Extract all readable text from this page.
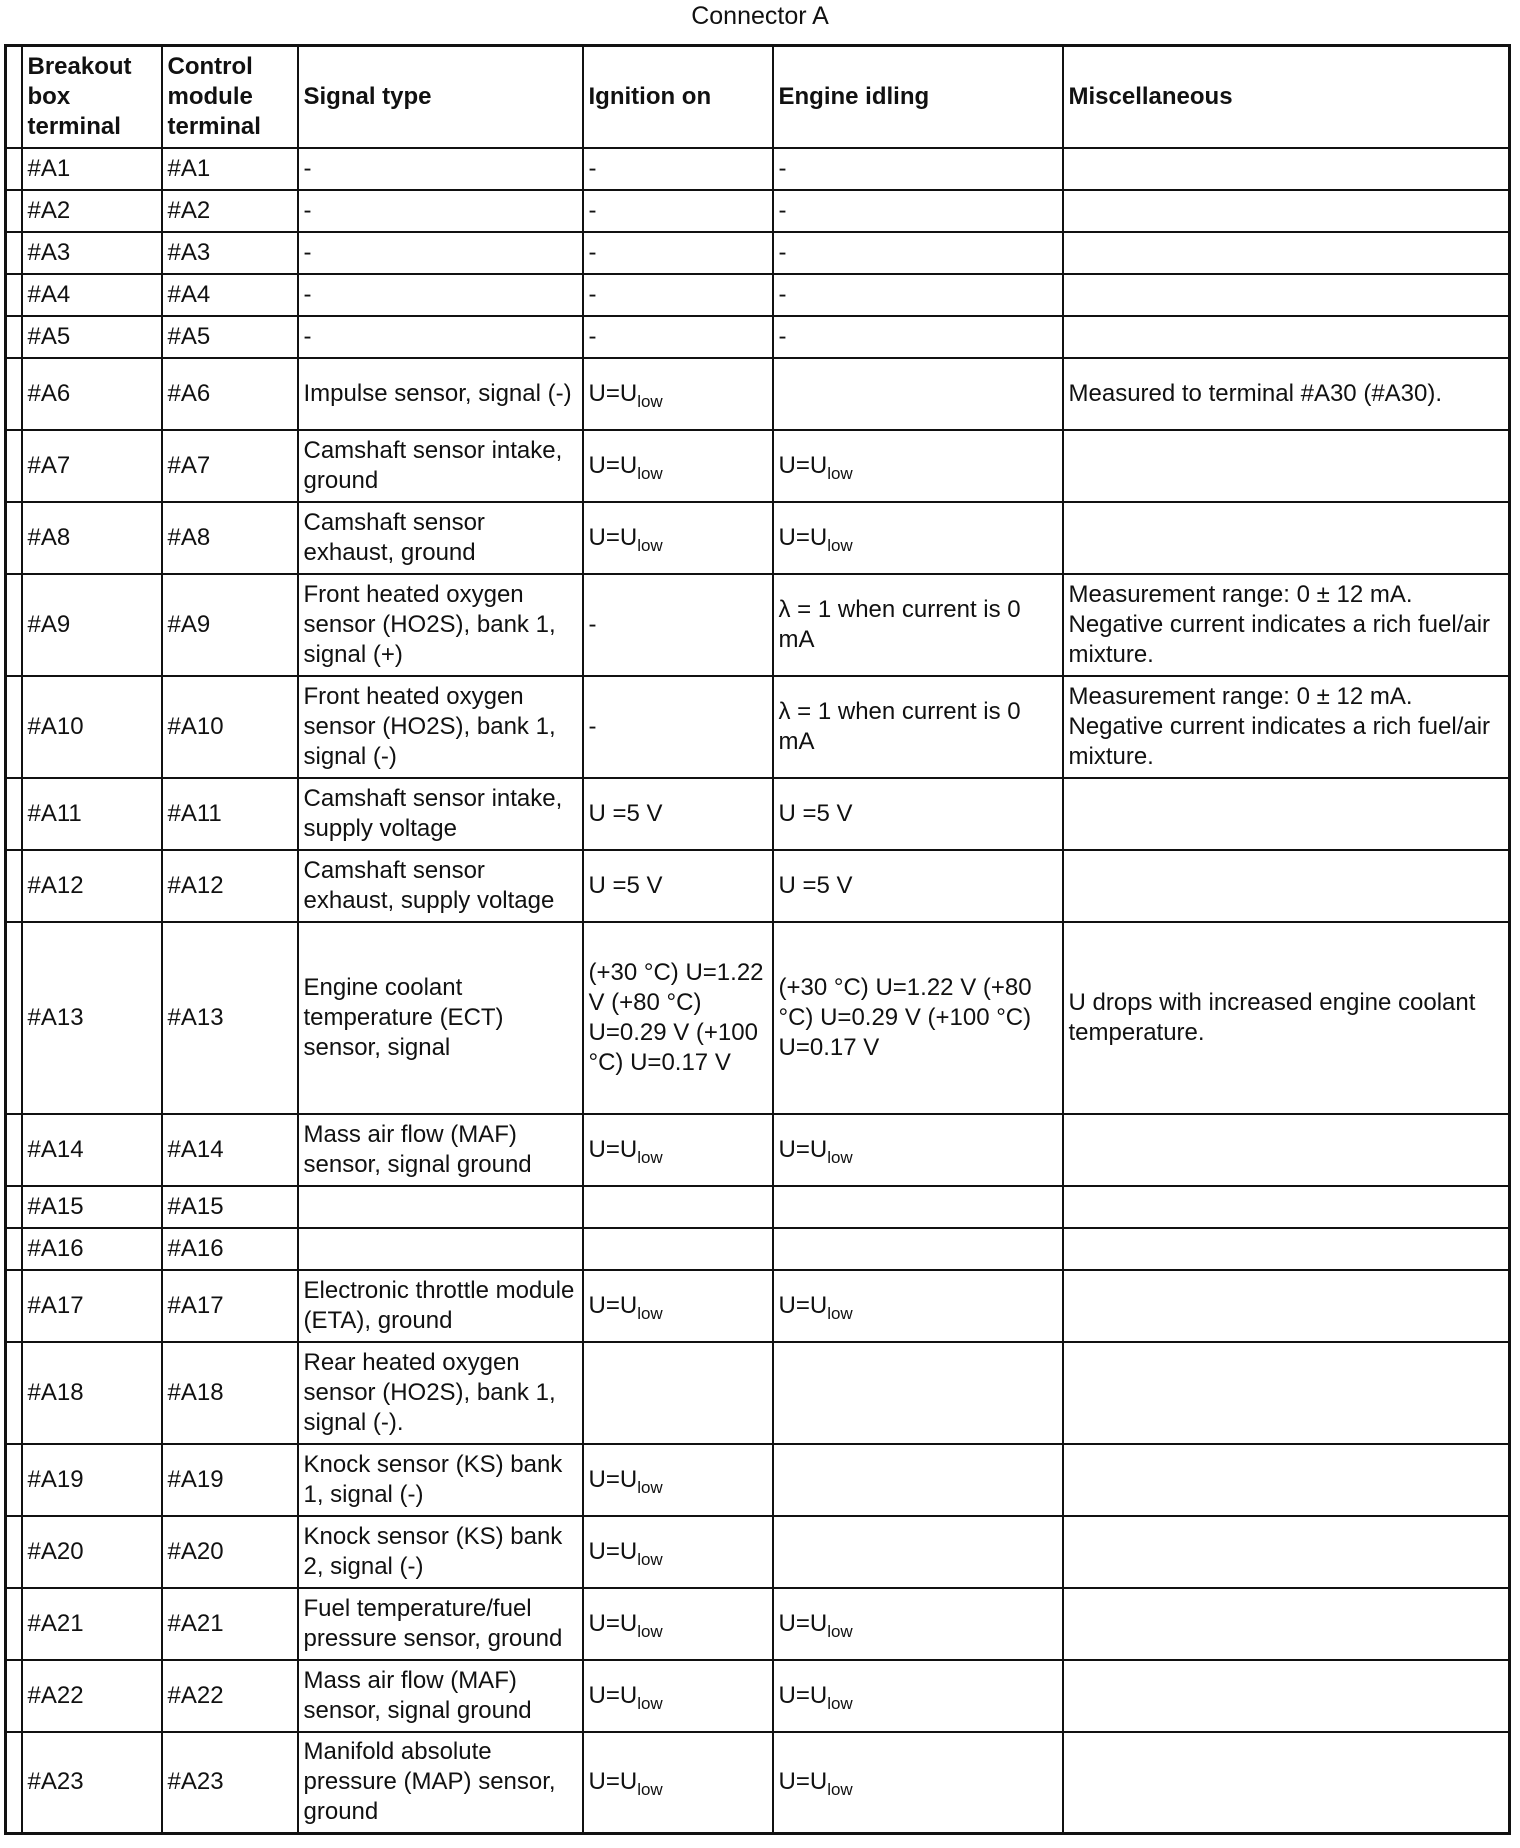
Connector A
	Breakout box terminal	Control module terminal	Signal type	Ignition on	Engine idling	Miscellaneous
	#A1	#A1	-	-	-	
	#A2	#A2	-	-	-	
	#A3	#A3	-	-	-	
	#A4	#A4	-	-	-	
	#A5	#A5	-	-	-	
	#A6	#A6	Impulse sensor, signal (-)	$U=U_{low}$		Measured to terminal #A30 (#A30).
	#A7	#A7	Camshaft sensor intake, ground	$U=U_{low}$	$U=U_{low}$	
	#A8	#A8	Camshaft sensor exhaust, ground	$U=U_{low}$	$U=U_{low}$	
	#A9	#A9	Front heated oxygen sensor (HO2S), bank 1, signal (+)	-	λ = 1 when current is 0 mA	Measurement range: 0 ± 12 mA. Negative current indicates a rich fuel/air mixture.
	#A10	#A10	Front heated oxygen sensor (HO2S), bank 1, signal (-)	-	λ = 1 when current is 0 mA	Measurement range: 0 ± 12 mA. Negative current indicates a rich fuel/air mixture.
	#A11	#A11	Camshaft sensor intake, supply voltage	U =5 V	U =5 V	
	#A12	#A12	Camshaft sensor exhaust, supply voltage	U =5 V	U =5 V	
	#A13	#A13	Engine coolant temperature (ECT) sensor, signal	(+30 °C) U=1.22 V (+80 °C) U=0.29 V (+100 °C) U=0.17 V	(+30 °C) U=1.22 V (+80 °C) U=0.29 V (+100 °C) U=0.17 V	U drops with increased engine coolant temperature.
	#A14	#A14	Mass air flow (MAF) sensor, signal ground	$U=U_{low}$	$U=U_{low}$	
	#A15	#A15				
	#A16	#A16				
	#A17	#A17	Electronic throttle module (ETA), ground	$U=U_{low}$	$U=U_{low}$	
	#A18	#A18	Rear heated oxygen sensor (HO2S), bank 1, signal (-).			
	#A19	#A19	Knock sensor (KS) bank 1, signal (-)	$U=U_{low}$		
	#A20	#A20	Knock sensor (KS) bank 2, signal (-)	$U=U_{low}$		
	#A21	#A21	Fuel temperature/fuel pressure sensor, ground	$U=U_{low}$	$U=U_{low}$	
	#A22	#A22	Mass air flow (MAF) sensor, signal ground	$U=U_{low}$	$U=U_{low}$	
	#A23	#A23	Manifold absolute pressure (MAP) sensor, ground	$U=U_{low}$	$U=U_{low}$	
